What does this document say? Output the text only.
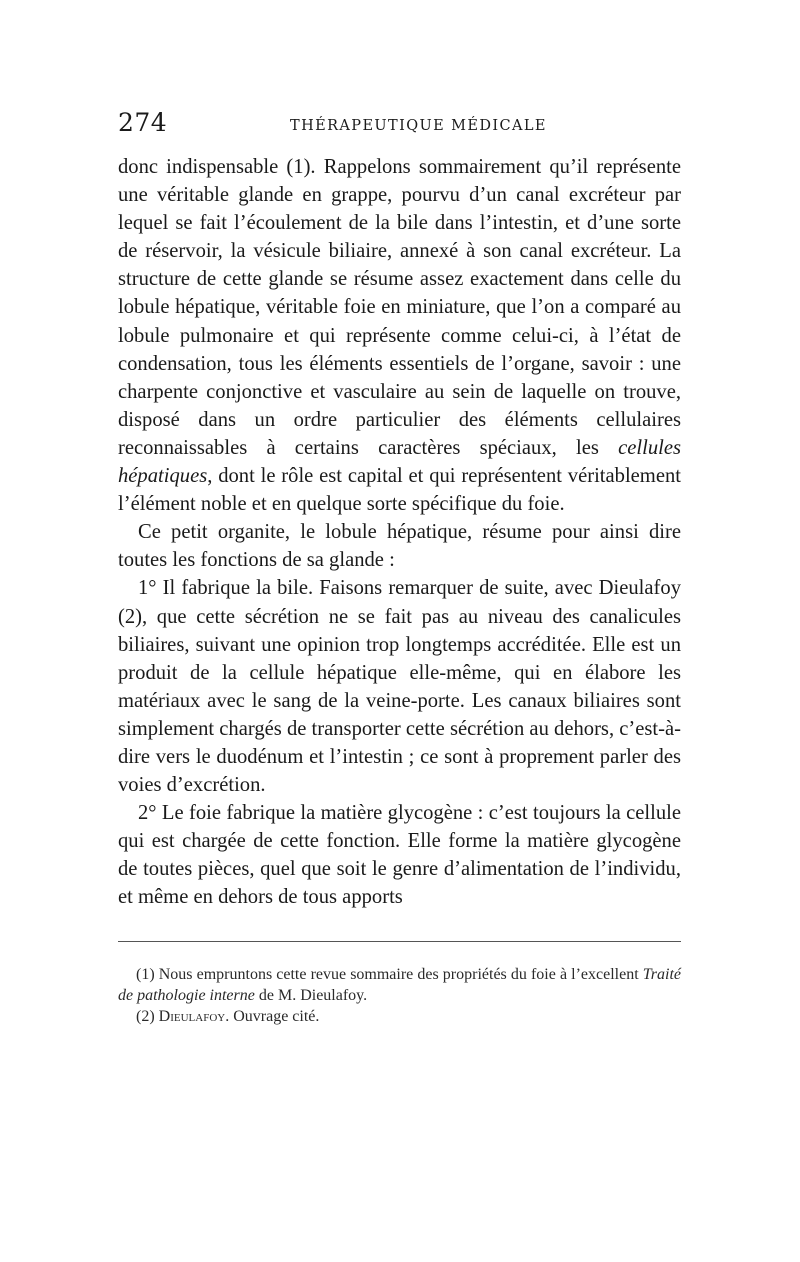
274	THÉRAPEUTIQUE MÉDICALE

donc indispensable (1). Rappelons sommairement qu’il représente une véritable glande en grappe, pourvu d’un canal excréteur par lequel se fait l’écoulement de la bile dans l’intestin, et d’une sorte de réservoir, la vésicule biliaire, annexé à son canal excréteur. La structure de cette glande se résume assez exactement dans celle du lobule hépatique, véritable foie en miniature, que l’on a comparé au lobule pulmonaire et qui représente comme celui-ci, à l’état de condensation, tous les éléments essentiels de l’organe, savoir : une charpente conjonctive et vasculaire au sein de laquelle on trouve, disposé dans un ordre particulier des éléments cellulaires reconnaissables à certains caractères spéciaux, les cellules hépatiques, dont le rôle est capital et qui représentent véritablement l’élément noble et en quelque sorte spécifique du foie.

Ce petit organite, le lobule hépatique, résume pour ainsi dire toutes les fonctions de sa glande :

1° Il fabrique la bile. Faisons remarquer de suite, avec Dieulafoy (2), que cette sécrétion ne se fait pas au niveau des canalicules biliaires, suivant une opinion trop longtemps accréditée. Elle est un produit de la cellule hépatique elle-même, qui en élabore les matériaux avec le sang de la veine-porte. Les canaux biliaires sont simplement chargés de transporter cette sécrétion au dehors, c’est-à-dire vers le duodénum et l’intestin ; ce sont à proprement parler des voies d’excrétion.

2° Le foie fabrique la matière glycogène : c’est toujours la cellule qui est chargée de cette fonction. Elle forme la matière glycogène de toutes pièces, quel que soit le genre d’alimentation de l’individu, et même en dehors de tous apports

(1) Nous empruntons cette revue sommaire des propriétés du foie à l’excellent Traité de pathologie interne de M. Dieulafoy.

(2) Dieulafoy. Ouvrage cité.
